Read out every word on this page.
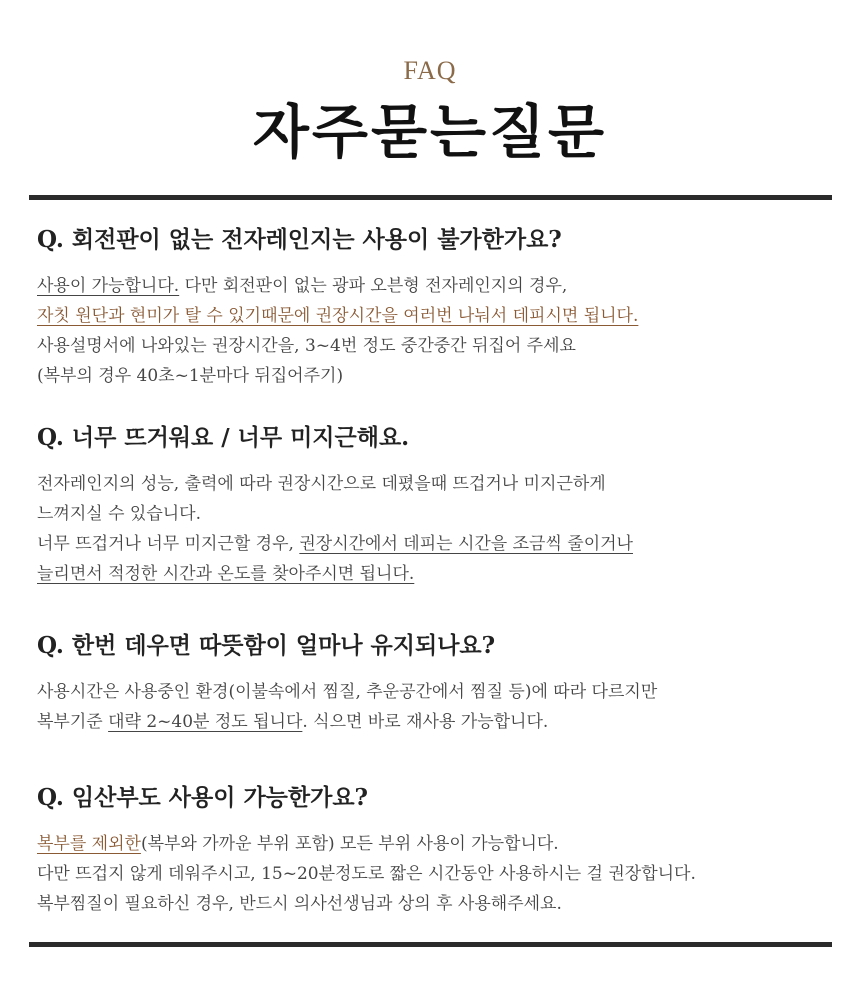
FAQ
자주묻는질문
Q. 회전판이 없는 전자레인지는 사용이 불가한가요?
사용이 가능합니다. 다만 회전판이 없는 광파 오븐형 전자레인지의 경우,
자칫 원단과 현미가 탈 수 있기때문에 권장시간을 여러번 나눠서 데피시면 됩니다.
사용설명서에 나와있는 권장시간을, 3~4번 정도 중간중간 뒤집어 주세요
(복부의 경우 40초~1분마다 뒤집어주기)
Q. 너무 뜨거워요 / 너무 미지근해요.
전자레인지의 성능, 출력에 따라 권장시간으로 데폈을때 뜨겁거나 미지근하게
느껴지실 수 있습니다.
너무 뜨겁거나 너무 미지근할 경우, 권장시간에서 데피는 시간을 조금씩 줄이거나
늘리면서 적정한 시간과 온도를 찾아주시면 됩니다.
Q. 한번 데우면 따뜻함이 얼마나 유지되나요?
사용시간은 사용중인 환경(이불속에서 찜질, 추운공간에서 찜질 등)에 따라 다르지만
복부기준 대략 2~40분 정도 됩니다. 식으면 바로 재사용 가능합니다.
Q. 임산부도 사용이 가능한가요?
복부를 제외한(복부와 가까운 부위 포함) 모든 부위 사용이 가능합니다.
다만 뜨겁지 않게 데워주시고, 15~20분정도로 짧은 시간동안 사용하시는 걸 권장합니다.
복부찜질이 필요하신 경우, 반드시 의사선생님과 상의 후 사용해주세요.
